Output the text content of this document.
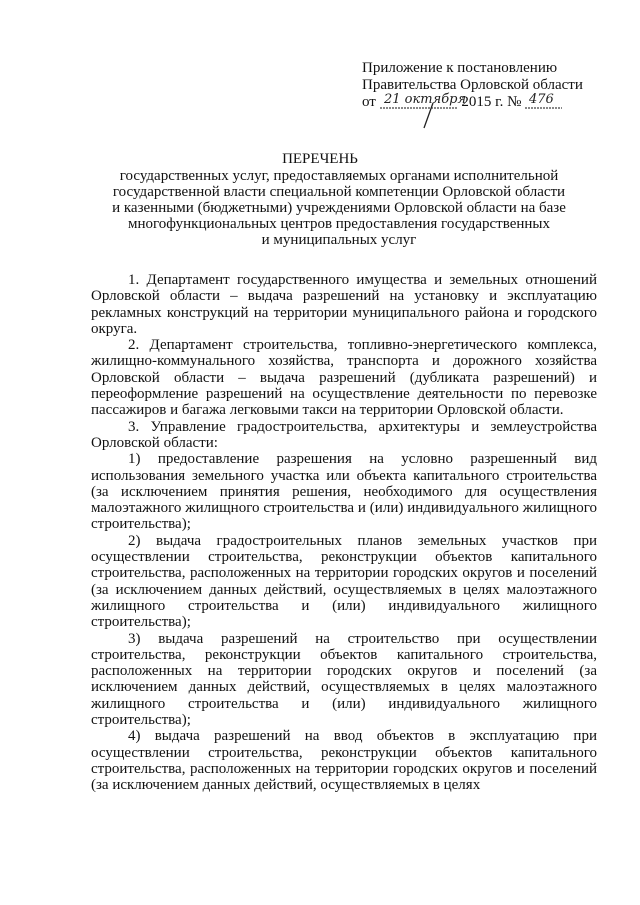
Приложение к постановлению
Правительства Орловской области
от 21 октября
2015 г. № 476
ПЕРЕЧЕНЬ
государственных услуг, предоставляемых органами исполнительной
государственной власти специальной компетенции Орловской области
и казенными (бюджетными) учреждениями Орловской области на базе
многофункциональных центров предоставления государственных
и муниципальных услуг

1. Департамент государственного имущества и земельных отношений Орловской области – выдача разрешений на установку и эксплуатацию рекламных конструкций на территории муниципального района и городского округа.

2. Департамент строительства, топливно-энергетического комплекса, жилищно-коммунального хозяйства, транспорта и дорожного хозяйства Орловской области – выдача разрешений (дубликата разрешений) и переоформление разрешений на осуществление деятельности по перевозке пассажиров и багажа легковыми такси на территории Орловской области.

3. Управление градостроительства, архитектуры и землеустройства Орловской области:

1) предоставление разрешения на условно разрешенный вид использования земельного участка или объекта капитального строительства (за исключением принятия решения, необходимого для осуществления малоэтажного жилищного строительства и (или) индивидуального жилищного строительства);

2) выдача градостроительных планов земельных участков при осуществлении строительства, реконструкции объектов капитального строительства, расположенных на территории городских округов и поселений (за исключением данных действий, осуществляемых в целях малоэтажного жилищного строительства и (или) индивидуального жилищного строительства);

3) выдача разрешений на строительство при осуществлении строительства, реконструкции объектов капитального строительства, расположенных на территории городских округов и поселений (за исключением данных действий, осуществляемых в целях малоэтажного жилищного строительства и (или) индивидуального жилищного строительства);

4) выдача разрешений на ввод объектов в эксплуатацию при осуществлении строительства, реконструкции объектов капитального строительства, расположенных на территории городских округов и поселений (за исключением данных действий, осуществляемых в целях
